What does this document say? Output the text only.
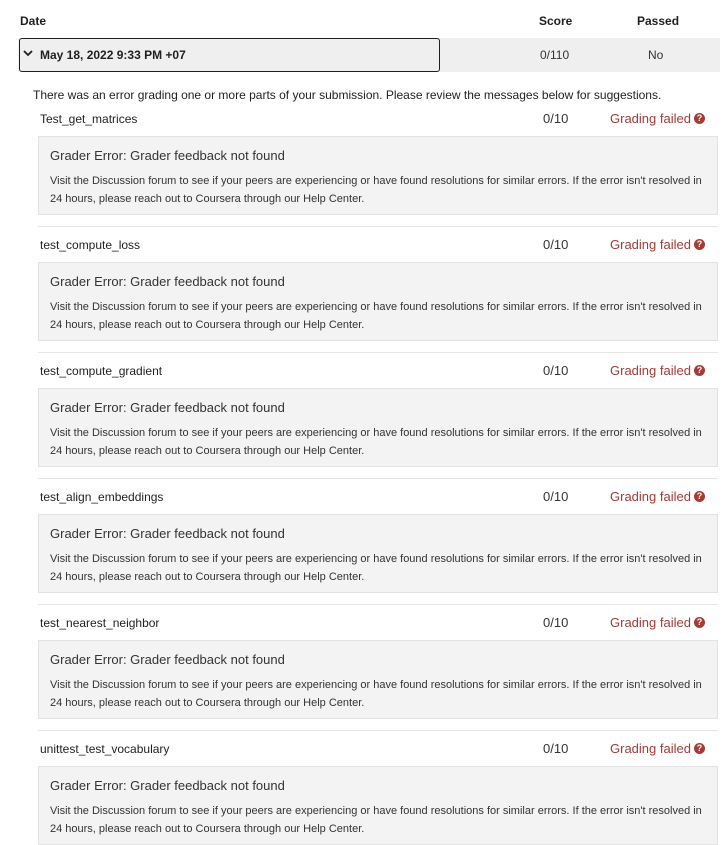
Date	Score	Passed
May 18, 2022 9:33 PM +07	0/110	No
There was an error grading one or more parts of your submission. Please review the messages below for suggestions.
Test_get_matrices	0/10	Grading failed ?
Grader Error: Grader feedback not found
Visit the Discussion forum to see if your peers are experiencing or have found resolutions for similar errors. If the error isn't resolved in 24 hours, please reach out to Coursera through our Help Center.
test_compute_loss	0/10	Grading failed ?
Grader Error: Grader feedback not found
Visit the Discussion forum to see if your peers are experiencing or have found resolutions for similar errors. If the error isn't resolved in 24 hours, please reach out to Coursera through our Help Center.
test_compute_gradient	0/10	Grading failed ?
Grader Error: Grader feedback not found
Visit the Discussion forum to see if your peers are experiencing or have found resolutions for similar errors. If the error isn't resolved in 24 hours, please reach out to Coursera through our Help Center.
test_align_embeddings	0/10	Grading failed ?
Grader Error: Grader feedback not found
Visit the Discussion forum to see if your peers are experiencing or have found resolutions for similar errors. If the error isn't resolved in 24 hours, please reach out to Coursera through our Help Center.
test_nearest_neighbor	0/10	Grading failed ?
Grader Error: Grader feedback not found
Visit the Discussion forum to see if your peers are experiencing or have found resolutions for similar errors. If the error isn't resolved in 24 hours, please reach out to Coursera through our Help Center.
unittest_test_vocabulary	0/10	Grading failed ?
Grader Error: Grader feedback not found
Visit the Discussion forum to see if your peers are experiencing or have found resolutions for similar errors. If the error isn't resolved in 24 hours, please reach out to Coursera through our Help Center.
